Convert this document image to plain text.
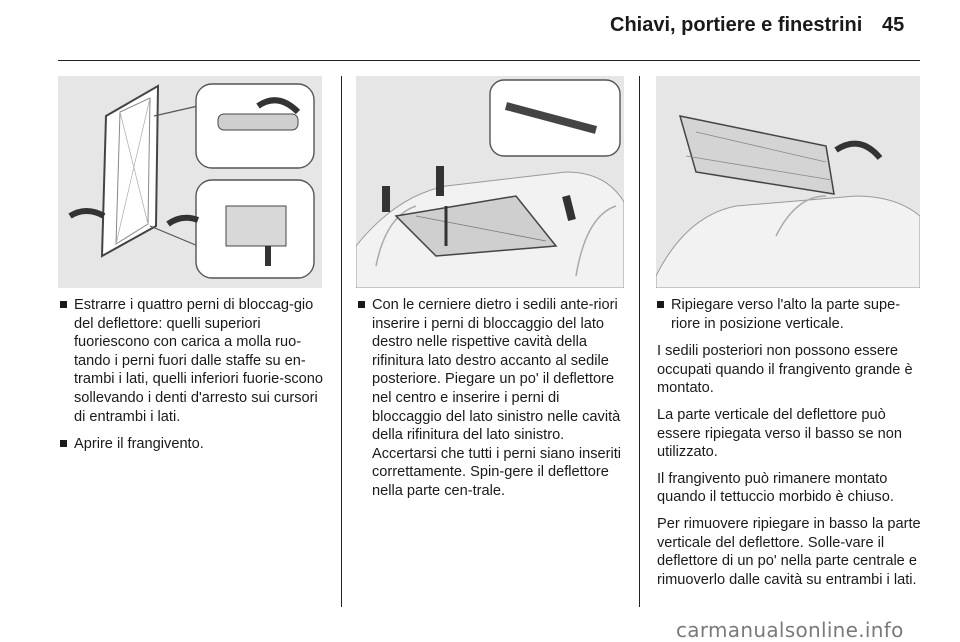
Chiavi, portiere e finestrini 45
Estrarre i quattro perni di bloccag-gio del deflettore: quelli superiori fuoriescono con carica a molla ruo-tando i perni fuori dalle staffe su en-trambi i lati, quelli inferiori fuorie-scono sollevando i denti d'arresto sui cursori di entrambi i lati.
Aprire il frangivento.
Con le cerniere dietro i sedili ante-riori inserire i perni di bloccaggio del lato destro nelle rispettive cavità della rifinitura lato destro accanto al sedile posteriore. Piegare un po' il deflettore nel centro e inserire i perni di bloccaggio del lato sinistro nelle cavità della rifinitura del lato sinistro. Accertarsi che tutti i perni siano inseriti correttamente. Spin-gere il deflettore nella parte cen-trale.
Ripiegare verso l'alto la parte supe-riore in posizione verticale.

I sedili posteriori non possono essere occupati quando il frangivento grande è montato.

La parte verticale del deflettore può essere ripiegata verso il basso se non utilizzato.

Il frangivento può rimanere montato quando il tettuccio morbido è chiuso.

Per rimuovere ripiegare in basso la parte verticale del deflettore. Solle-vare il deflettore di un po' nella parte centrale e rimuoverlo dalle cavità su entrambi i lati.

carmanualsonline.info
